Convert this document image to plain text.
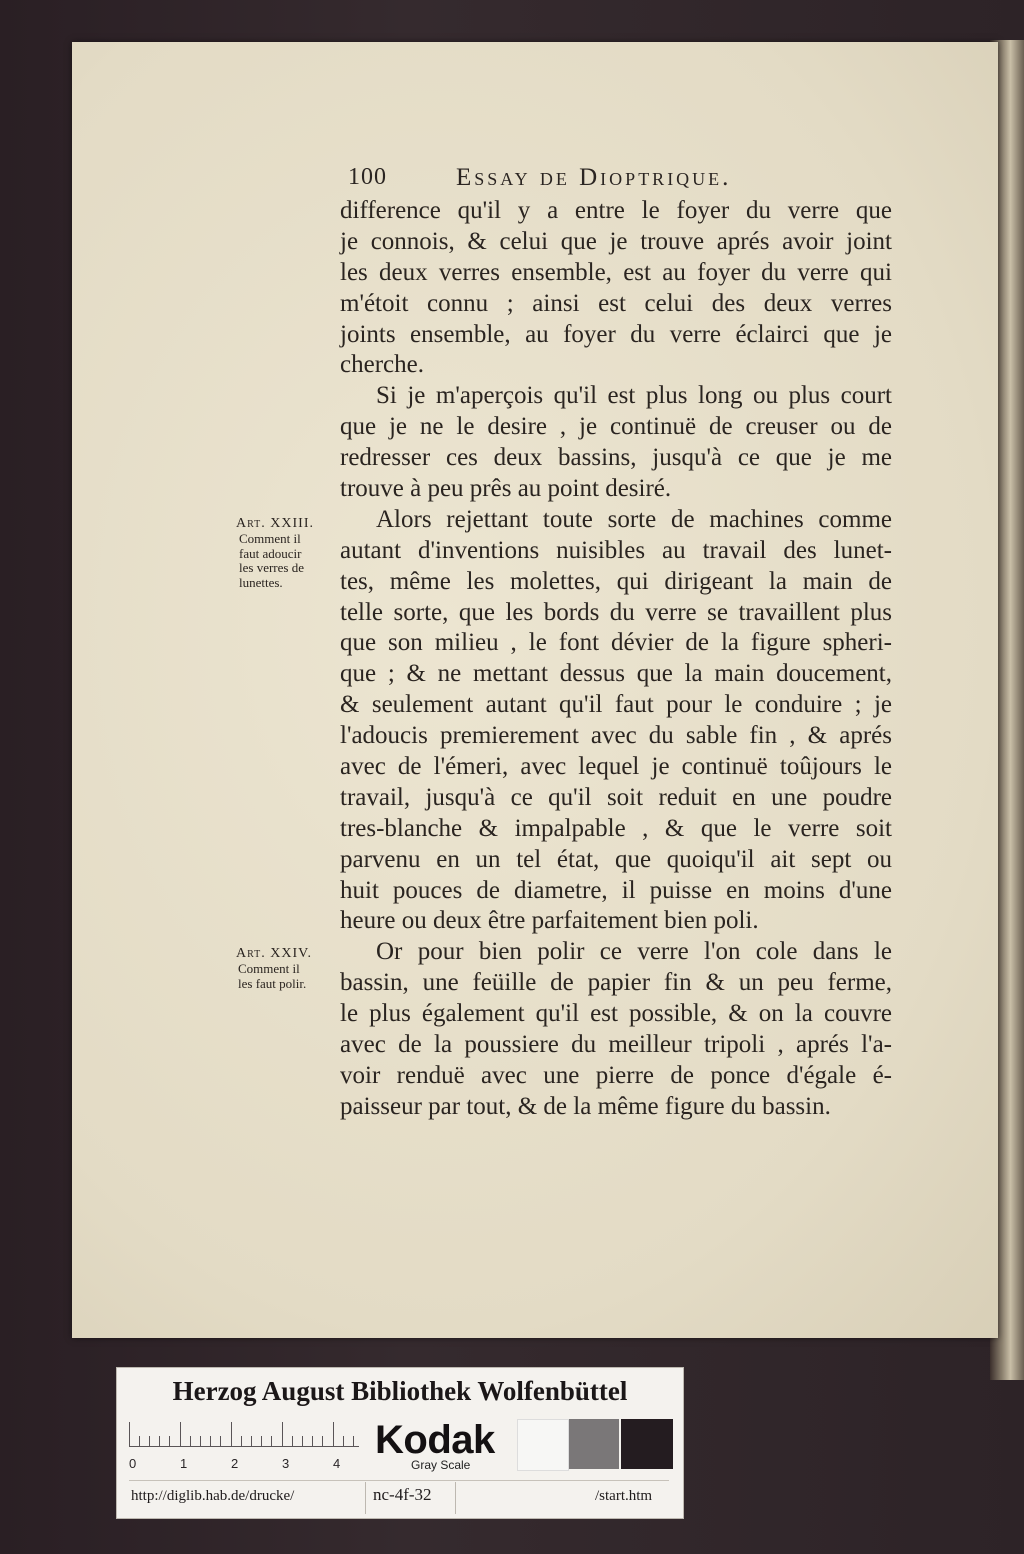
100	Essay de Dioptrique.
difference qu'il y a entre le foyer du verre que
je connois, & celui que je trouve aprés avoir joint
les deux verres ensemble, est au foyer du verre qui
m'étoit connu ; ainsi est celui des deux verres
joints ensemble, au foyer du verre éclairci que je
cherche.
Si je m'aperçois qu'il est plus long ou plus court
que je ne le desire , je continuë de creuser ou de
redresser ces deux bassins, jusqu'à ce que je me
trouve à peu prês au point desiré.
Alors rejettant toute sorte de machines comme
autant d'inventions nuisibles au travail des lunet-
tes, même les molettes, qui dirigeant la main de
telle sorte, que les bords du verre se travaillent plus
que son milieu , le font dévier de la figure spheri-
que ; & ne mettant dessus que la main doucement,
& seulement autant qu'il faut pour le conduire ; je
l'adoucis premierement avec du sable fin , & aprés
avec de l'émeri, avec lequel je continuë toûjours le
travail, jusqu'à ce qu'il soit reduit en une poudre
tres-blanche & impalpable , & que le verre soit
parvenu en un tel état, que quoiqu'il ait sept ou
huit pouces de diametre, il puisse en moins d'une
heure ou deux être parfaitement bien poli.
Or pour bien polir ce verre l'on cole dans le
bassin, une feüille de papier fin & un peu ferme,
le plus également qu'il est possible, & on la couvre
avec de la poussiere du meilleur tripoli , aprés l'a-
voir renduë avec une pierre de ponce d'égale é-
paisseur par tout, & de la même figure du bassin.
Art. XXIII.
Comment il
faut adoucir
les verres de
lunettes.
Art. XXIV.
Comment il
les faut polir.
Herzog August Bibliothek Wolfenbüttel
0	1	2	3	4
Kodak
Gray Scale
http://diglib.hab.de/drucke/	nc-4f-32	/start.htm
